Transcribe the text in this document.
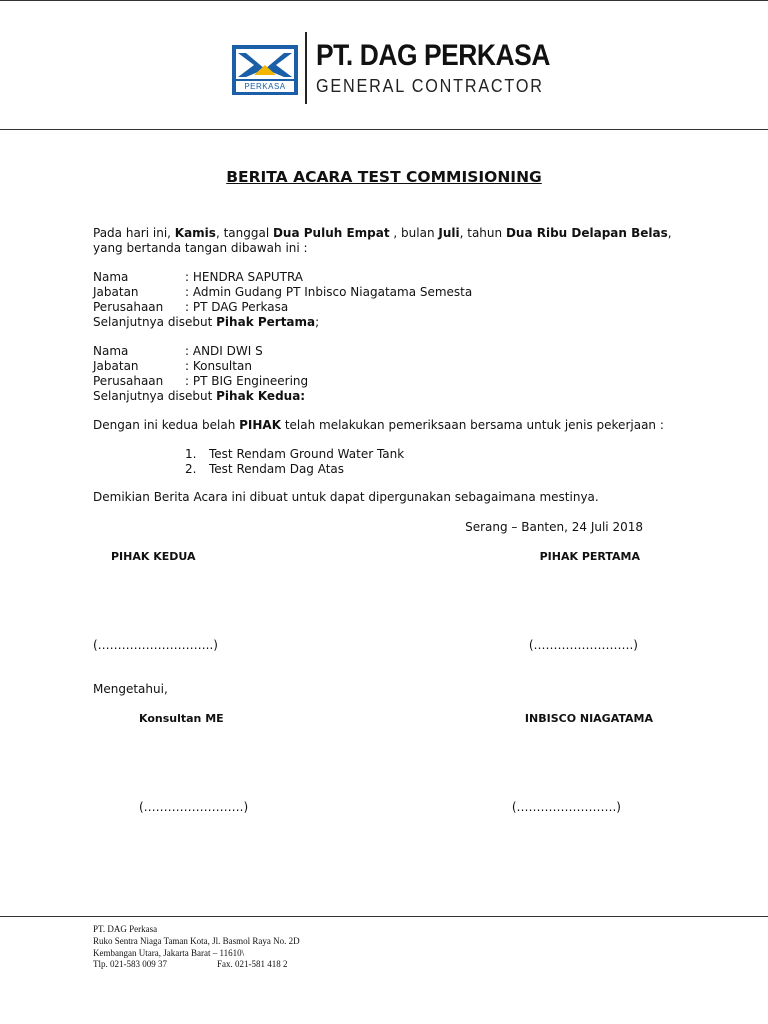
PERKASA
PT. DAG PERKASA
GENERAL CONTRACTOR
BERITA ACARA TEST COMMISIONING
Pada hari ini, Kamis, tanggal Dua Puluh Empat , bulan Juli, tahun Dua Ribu Delapan Belas,
yang bertanda tangan dibawah ini :
Nama	: HENDRA SAPUTRA
Jabatan	: Admin Gudang PT Inbisco Niagatama Semesta
Perusahaan : PT DAG Perkasa
Selanjutnya disebut Pihak Pertama;
Nama	: ANDI DWI S
Jabatan	: Konsultan
Perusahaan : PT BIG Engineering
Selanjutnya disebut Pihak Kedua:
Dengan ini kedua belah PIHAK telah melakukan pemeriksaan bersama untuk jenis pekerjaan :
1. Test Rendam Ground Water Tank
2. Test Rendam Dag Atas
Demikian Berita Acara ini dibuat untuk dapat dipergunakan sebagaimana mestinya.
Serang – Banten, 24 Juli 2018
PIHAK KEDUA	PIHAK PERTAMA
(………………………..)	(…………………….)
Mengetahui,
Konsultan ME	INBISCO NIAGATAMA
(…………………….)	(…………………….)
PT. DAG Perkasa
Ruko Sentra Niaga Taman Kota, Jl. Basmol Raya No. 2D
Kembangan Utara, Jakarta Barat – 11610\
Tlp. 021-583 009 37	Fax. 021-581 418 2
